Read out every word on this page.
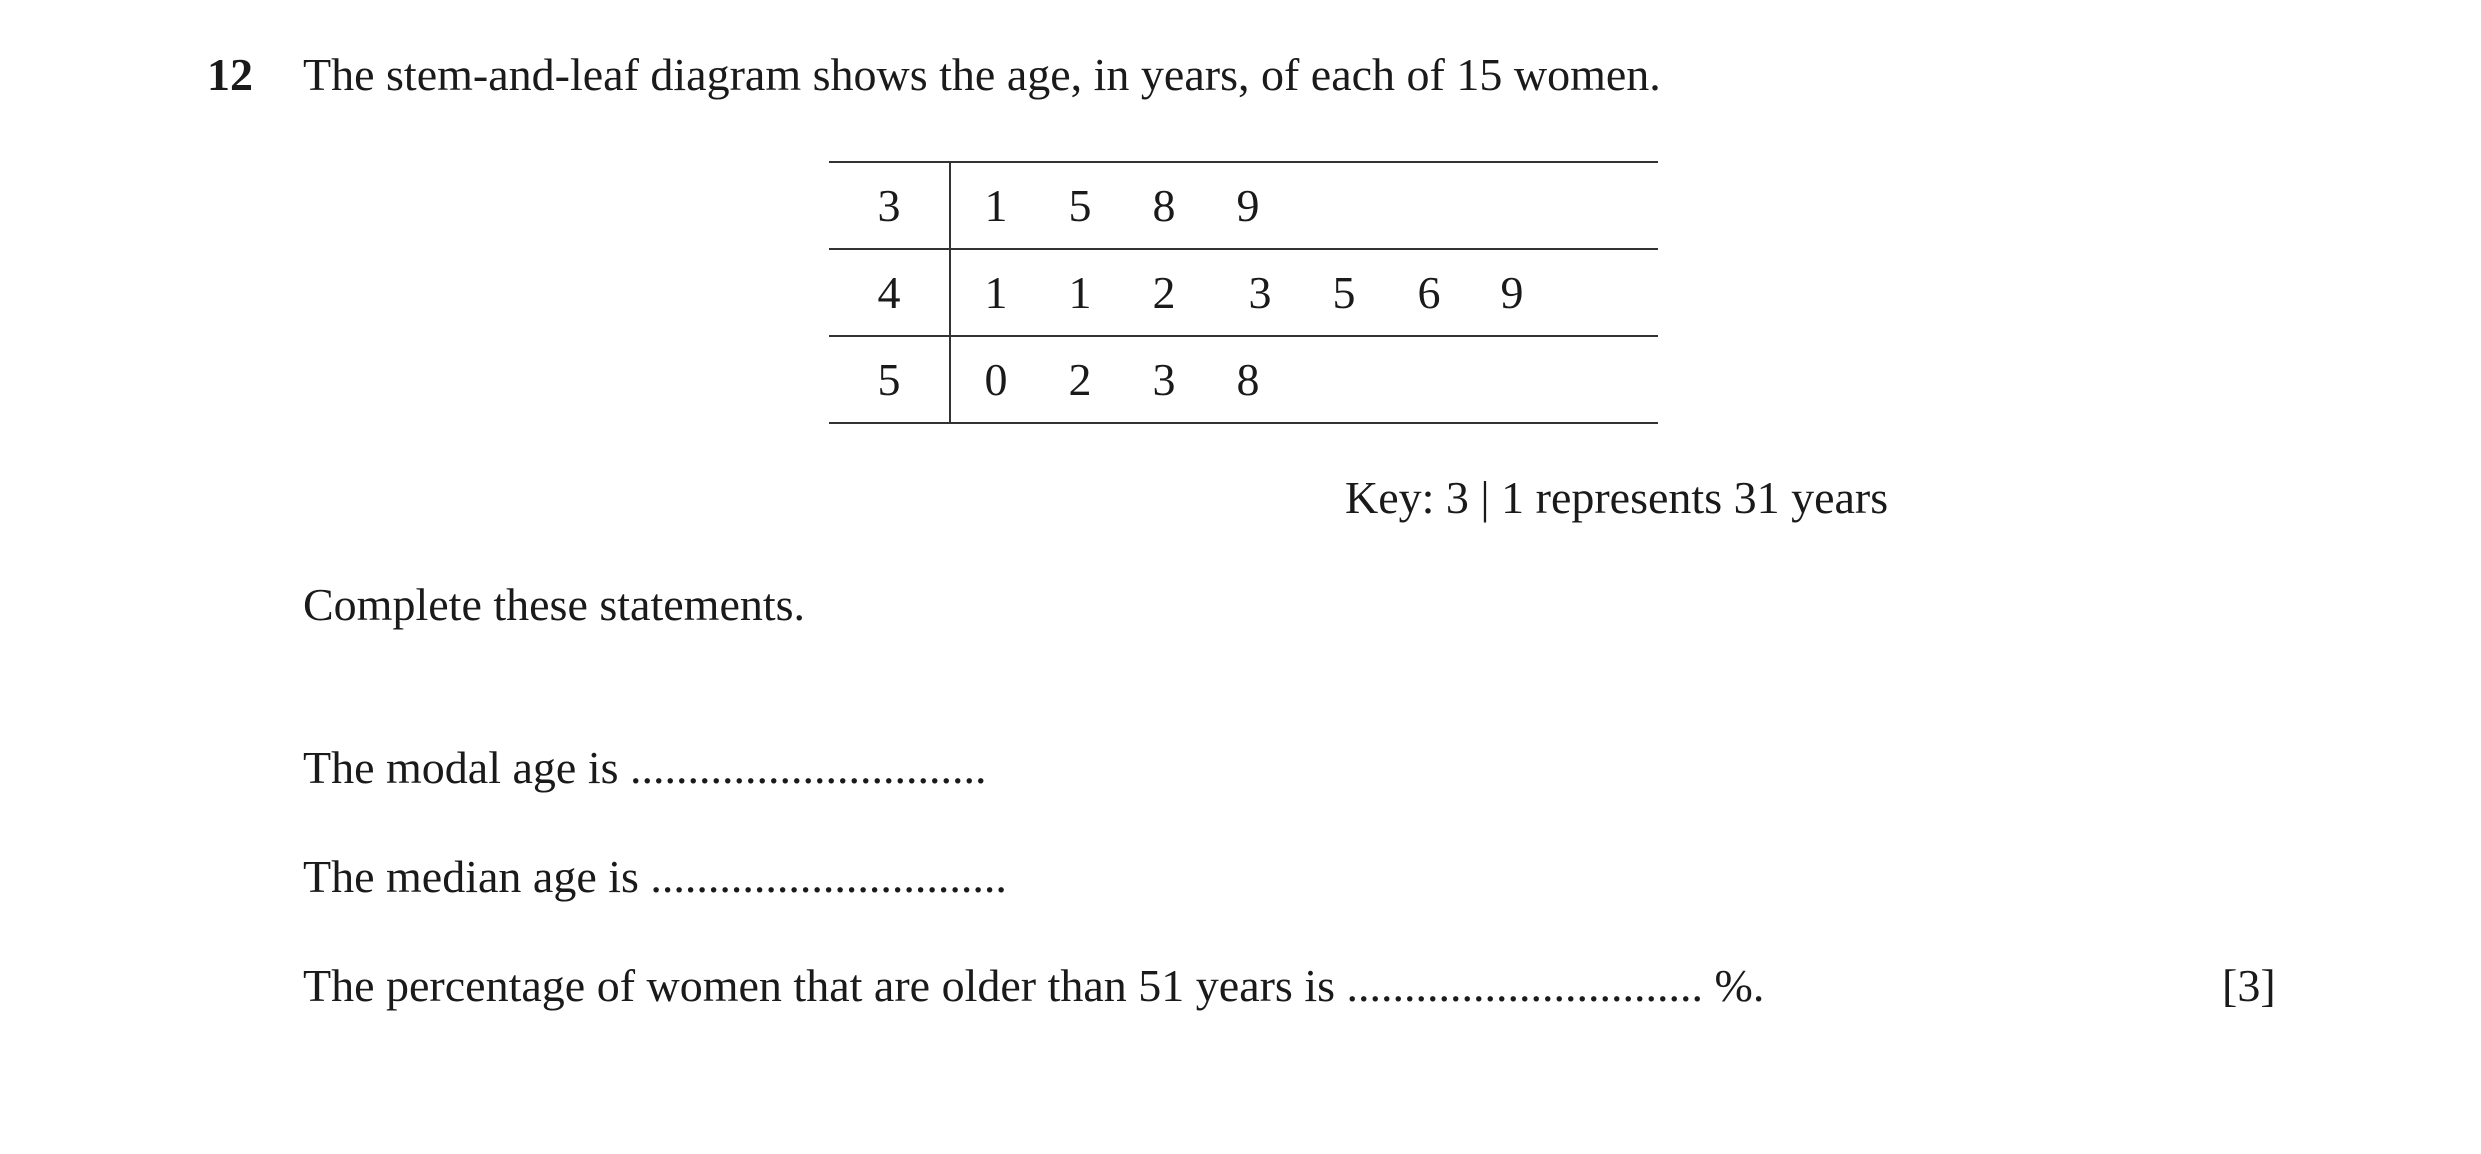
12 The stem-and-leaf diagram shows the age, in years, of each of 15 women.
3	1 5 8 9
4	1 1 2 3 5 6 9
5	0 2 3 8
Key: 3 | 1 represents 31 years
Complete these statements.
The modal age is ...............................
The median age is ...............................
The percentage of women that are older than 51 years is ............................... %.	[3]
